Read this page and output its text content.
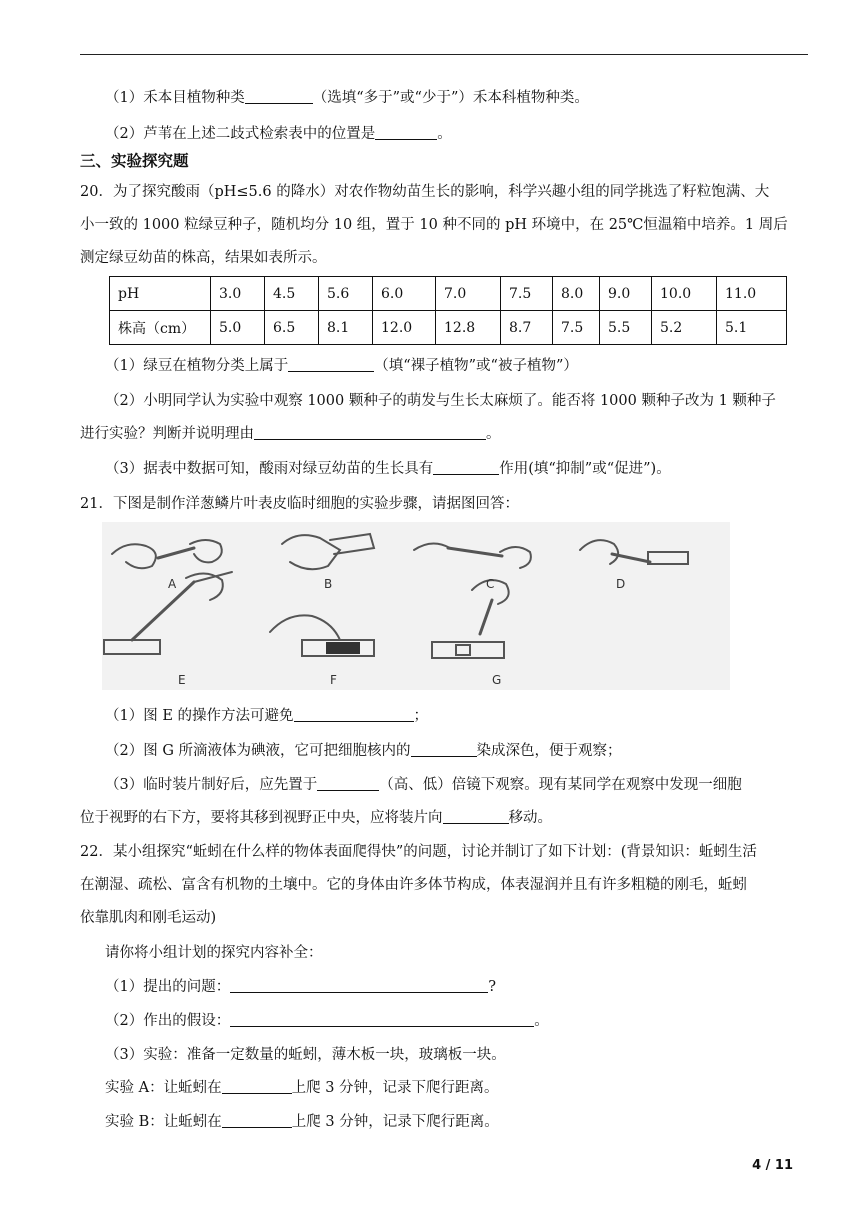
（1）禾本目植物种类	（选填“多于”或“少于”）禾本科植物种类。
（2）芦苇在上述二歧式检索表中的位置是	。
三、实验探究题
20．为了探究酸雨（pH≤5.6 的降水）对农作物幼苗生长的影响，科学兴趣小组的同学挑选了籽粒饱满、大
小一致的 1000 粒绿豆种子，随机均分 10 组，置于 10 种不同的 pH 环境中，在 25℃恒温箱中培养。1 周后
测定绿豆幼苗的株高，结果如表所示。
pH	3.0	4.5	5.6	6.0	7.0	7.5	8.0	9.0	10.0	11.0
株高（cm）	5.0	6.5	8.1	12.0	12.8	8.7	7.5	5.5	5.2	5.1
（1）绿豆在植物分类上属于	（填“裸子植物”或“被子植物”）
（2）小明同学认为实验中观察 1000 颗种子的萌发与生长太麻烦了。能否将 1000 颗种子改为 1 颗种子
进行实验？判断并说明理由	。
（3）据表中数据可知，酸雨对绿豆幼苗的生长具有	作用(填“抑制”或“促进”)。
21．下图是制作洋葱鳞片叶表皮临时细胞的实验步骤，请据图回答：
A	B	C	D
E	F	G
（1）图 E 的操作方法可避免	；
（2）图 G 所滴液体为碘液，它可把细胞核内的	染成深色，便于观察；
（3）临时装片制好后，应先置于	（高、低）倍镜下观察。现有某同学在观察中发现一细胞
位于视野的右下方，要将其移到视野正中央，应将装片向	移动。
22．某小组探究“蚯蚓在什么样的物体表面爬得快”的问题，讨论并制订了如下计划：(背景知识：蚯蚓生活
在潮湿、疏松、富含有机物的土壤中。它的身体由许多体节构成，体表湿润并且有许多粗糙的刚毛，蚯蚓
依靠肌肉和刚毛运动)
请你将小组计划的探究内容补全：
（1）提出的问题：	?
（2）作出的假设：	。
（3）实验：准备一定数量的蚯蚓，薄木板一块，玻璃板一块。
实验 A：让蚯蚓在	上爬 3 分钟，记录下爬行距离。
实验 B：让蚯蚓在	上爬 3 分钟，记录下爬行距离。
4 / 11
